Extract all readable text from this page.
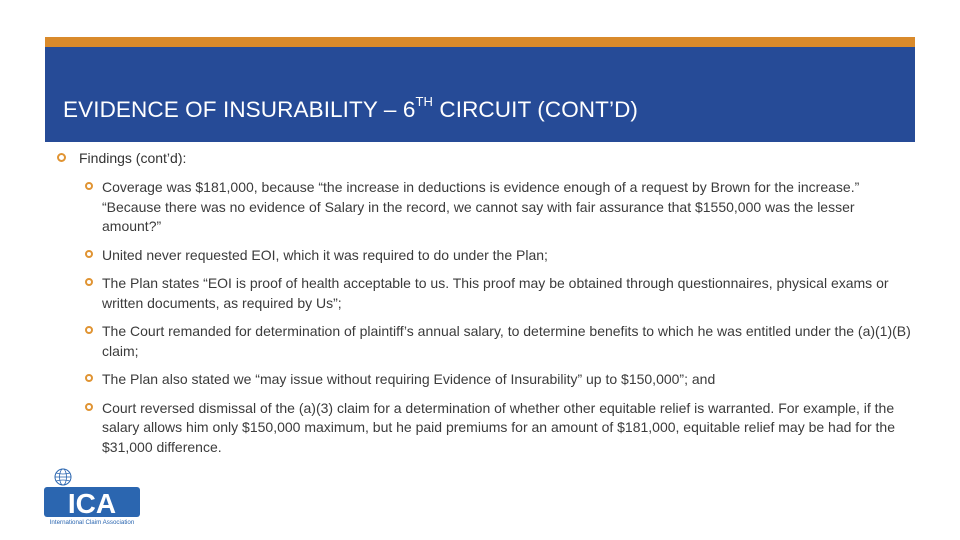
EVIDENCE OF INSURABILITY – 6TH CIRCUIT (CONT’D)
Findings (cont’d):
Coverage was $181,000, because “the increase in deductions is evidence enough of a request by Brown for the increase.” “Because there was no evidence of Salary in the record, we cannot say with fair assurance that $1550,000 was the lesser amount?”
United never requested EOI, which it was required to do under the Plan;
The Plan states “EOI is proof of health acceptable to us. This proof may be obtained through questionnaires, physical exams or written documents, as required by Us”;
The Court remanded for determination of plaintiff’s annual salary, to determine benefits to which he was entitled under the (a)(1)(B) claim;
The Plan also stated we “may issue without requiring Evidence of Insurability” up to $150,000”; and
Court reversed dismissal of the (a)(3) claim for a determination of whether other equitable relief is warranted. For example, if the salary allows him only $150,000 maximum, but he paid premiums for an amount of $181,000, equitable relief may be had for the $31,000 difference.
ICA
International Claim Association
